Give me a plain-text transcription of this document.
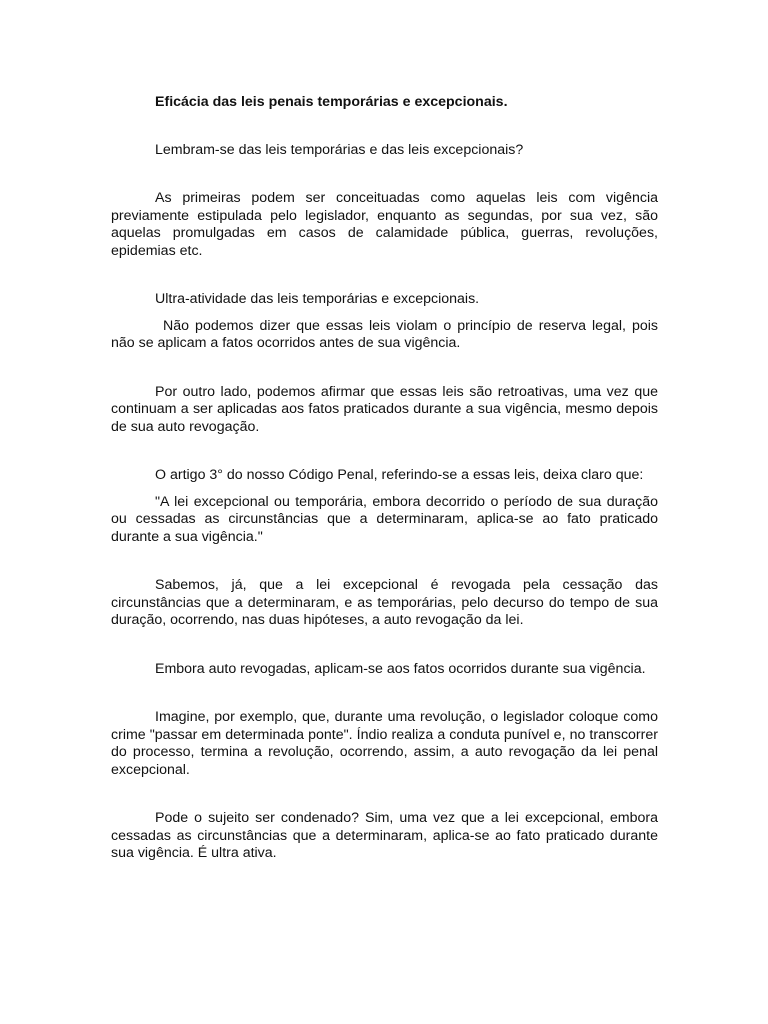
Eficácia das leis penais temporárias e excepcionais.

Lembram-se das leis temporárias e das leis excepcionais?

As primeiras podem ser conceituadas como aquelas leis com vigência previamente estipulada pelo legislador, enquanto as segundas, por sua vez, são aquelas promulgadas em casos de calamidade pública, guerras, revoluções, epidemias etc.

Ultra-atividade das leis temporárias e excepcionais.

Não podemos dizer que essas leis violam o princípio de reserva legal, pois não se aplicam a fatos ocorridos antes de sua vigência.

Por outro lado, podemos afirmar que essas leis são retroativas, uma vez que continuam a ser aplicadas aos fatos praticados durante a sua vigência, mesmo depois de sua auto revogação.

O artigo 3° do nosso Código Penal, referindo-se a essas leis, deixa claro que:

"A lei excepcional ou temporária, embora decorrido o período de sua duração ou cessadas as circunstâncias que a determinaram, aplica-se ao fato praticado durante a sua vigência."

Sabemos, já, que a lei excepcional é revogada pela cessação das circunstâncias que a determinaram, e as temporárias, pelo decurso do tempo de sua duração, ocorrendo, nas duas hipóteses, a auto revogação da lei.

Embora auto revogadas, aplicam-se aos fatos ocorridos durante sua vigência.

Imagine, por exemplo, que, durante uma revolução, o legislador coloque como crime "passar em determinada ponte". Índio realiza a conduta punível e, no transcorrer do processo, termina a revolução, ocorrendo, assim, a auto revogação da lei penal excepcional.

Pode o sujeito ser condenado? Sim, uma vez que a lei excepcional, embora cessadas as circunstâncias que a determinaram, aplica-se ao fato praticado durante sua vigência. É ultra ativa.
